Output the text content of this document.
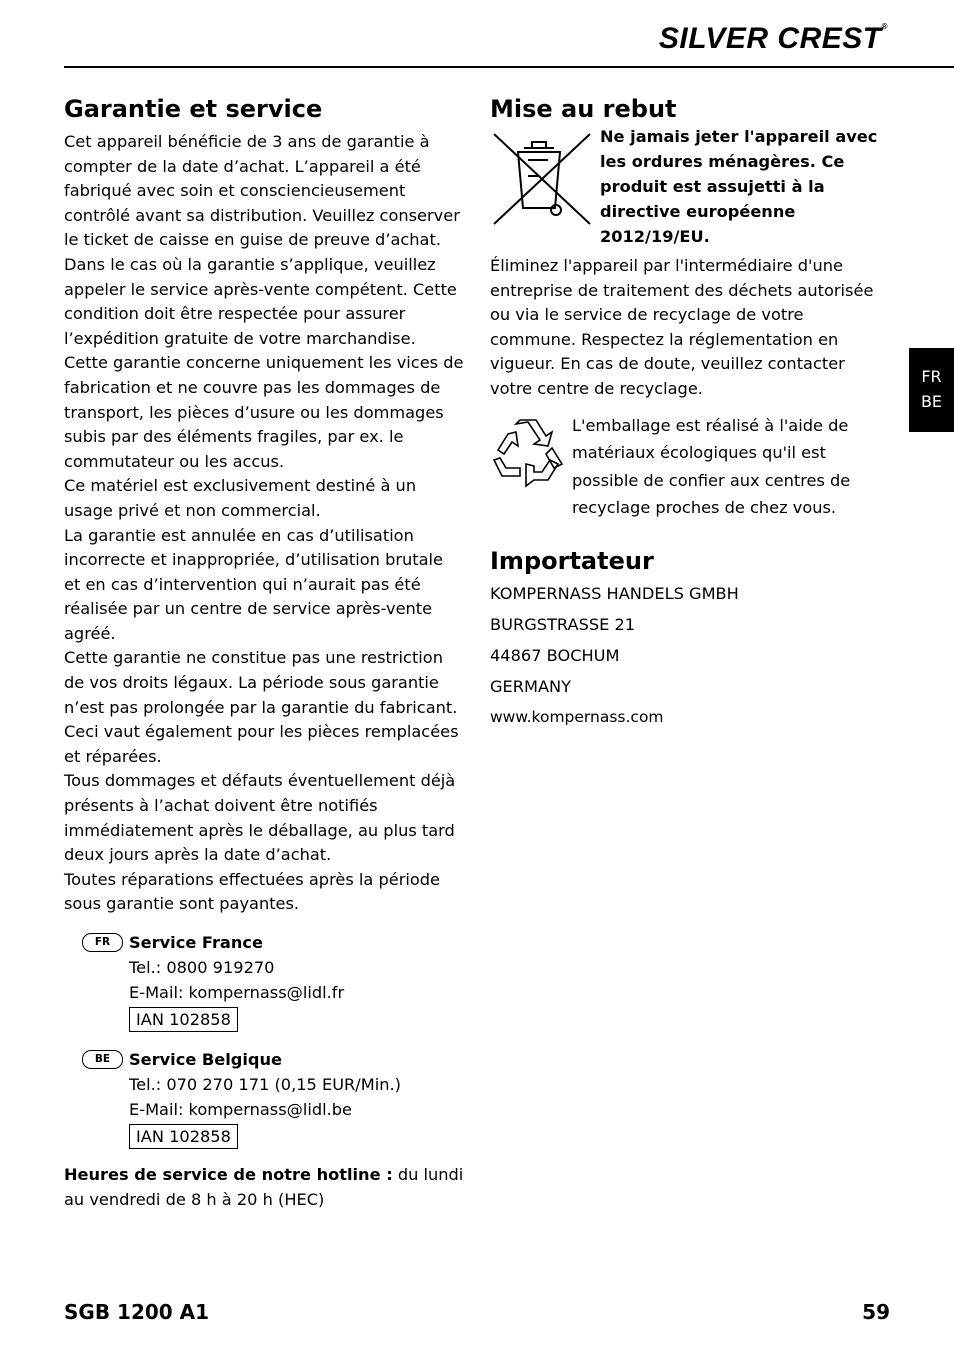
SILVER CREST®
FR
BE
Garantie et service

Cet appareil bénéficie de 3 ans de garantie à compter de la date d’achat. L’appareil a été fabriqué avec soin et consciencieusement contrôlé avant sa distribution. Veuillez conserver le ticket de caisse en guise de preuve d’achat. Dans le cas où la garantie s’applique, veuillez appeler le service après-vente compétent. Cette condition doit être respectée pour assurer l’expédition gratuite de votre marchandise.

Cette garantie concerne uniquement les vices de fabrication et ne couvre pas les dommages de transport, les pièces d’usure ou les dommages subis par des éléments fragiles, par ex. le commutateur ou les accus.

Ce matériel est exclusivement destiné à un usage privé et non commercial.

La garantie est annulée en cas d’utilisation incorrecte et inappropriée, d’utilisation brutale et en cas d’intervention qui n’aurait pas été réalisée par un centre de service après-vente agréé.

Cette garantie ne constitue pas une restriction de vos droits légaux. La période sous garantie n’est pas prolongée par la garantie du fabricant. Ceci vaut également pour les pièces remplacées et réparées.

Tous dommages et défauts éventuellement déjà présents à l’achat doivent être notifiés immédiatement après le déballage, au plus tard deux jours après la date d’achat.

Toutes réparations effectuées après la période sous garantie sont payantes.

FR	Service France
Tel.: 0800 919270
E-Mail: kompernass@lidl.fr
IAN 102858
BE	Service Belgique
Tel.: 070 270 171 (0,15 EUR/Min.)
E-Mail: kompernass@lidl.be
IAN 102858
Heures de service de notre hotline : du lundi au vendredi de 8 h à 20 h (HEC)
Mise au rebut
Ne jamais jeter l'appareil avec les ordures ménagères. Ce produit est assujetti à la directive européenne 2012/19/EU.

Éliminez l'appareil par l'intermédiaire d'une entreprise de traitement des déchets autorisée ou via le service de recyclage de votre commune. Respectez la réglementation en vigueur. En cas de doute, veuillez contacter votre centre de recyclage.

L'emballage est réalisé à l'aide de matériaux écologiques qu'il est possible de confier aux centres de recyclage proches de chez vous.
Importateur

KOMPERNASS HANDELS GMBH

BURGSTRASSE 21

44867 BOCHUM

GERMANY

www.kompernass.com

SGB 1200 A1	59
